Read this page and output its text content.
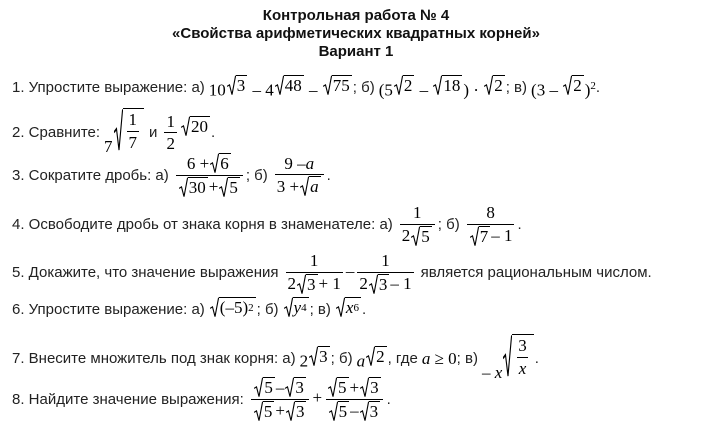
Контрольная работа № 4
«Свойства арифметических квадратных корней»
Вариант 1
1. Упростите выражение: а) 10 3 – 4 48 – 75 ; б) (5 2 – 18 ) · 2 ; в) (3 – 2 )$^2$ .
2. Сравните:
$7 \frac{1}{7}$ и $\frac{1}{2} 20$ .
3. Сократите дробь: $а) \frac{6 + 6}{30 + 5}$ ; $б) \frac{9 - a}{3 + a}$ .
4. Освободите дробь от знака корня в знаменателе: $а) \frac{1}{2 5}$ ; $б) \frac{8}{7 - 1}$ .
5. Докажите, что значение выражения $\frac{1}{2 3 + 1} - \frac{1}{2 3 - 1}$ является рациональным числом.
6. Упростите выражение: а) (–5) 2 ; б) y 4 ; в) x 6 .
7. Внесите множитель под знак корня: а) 2 3 ; б) a 2 , где a ≥ 0 ; в)
– x $\frac{3}{x}$ .
8. Найдите значение выражения: $\frac{5 - 3}{5 + 3} + \frac{5 + 3}{5 - 3}$ .
